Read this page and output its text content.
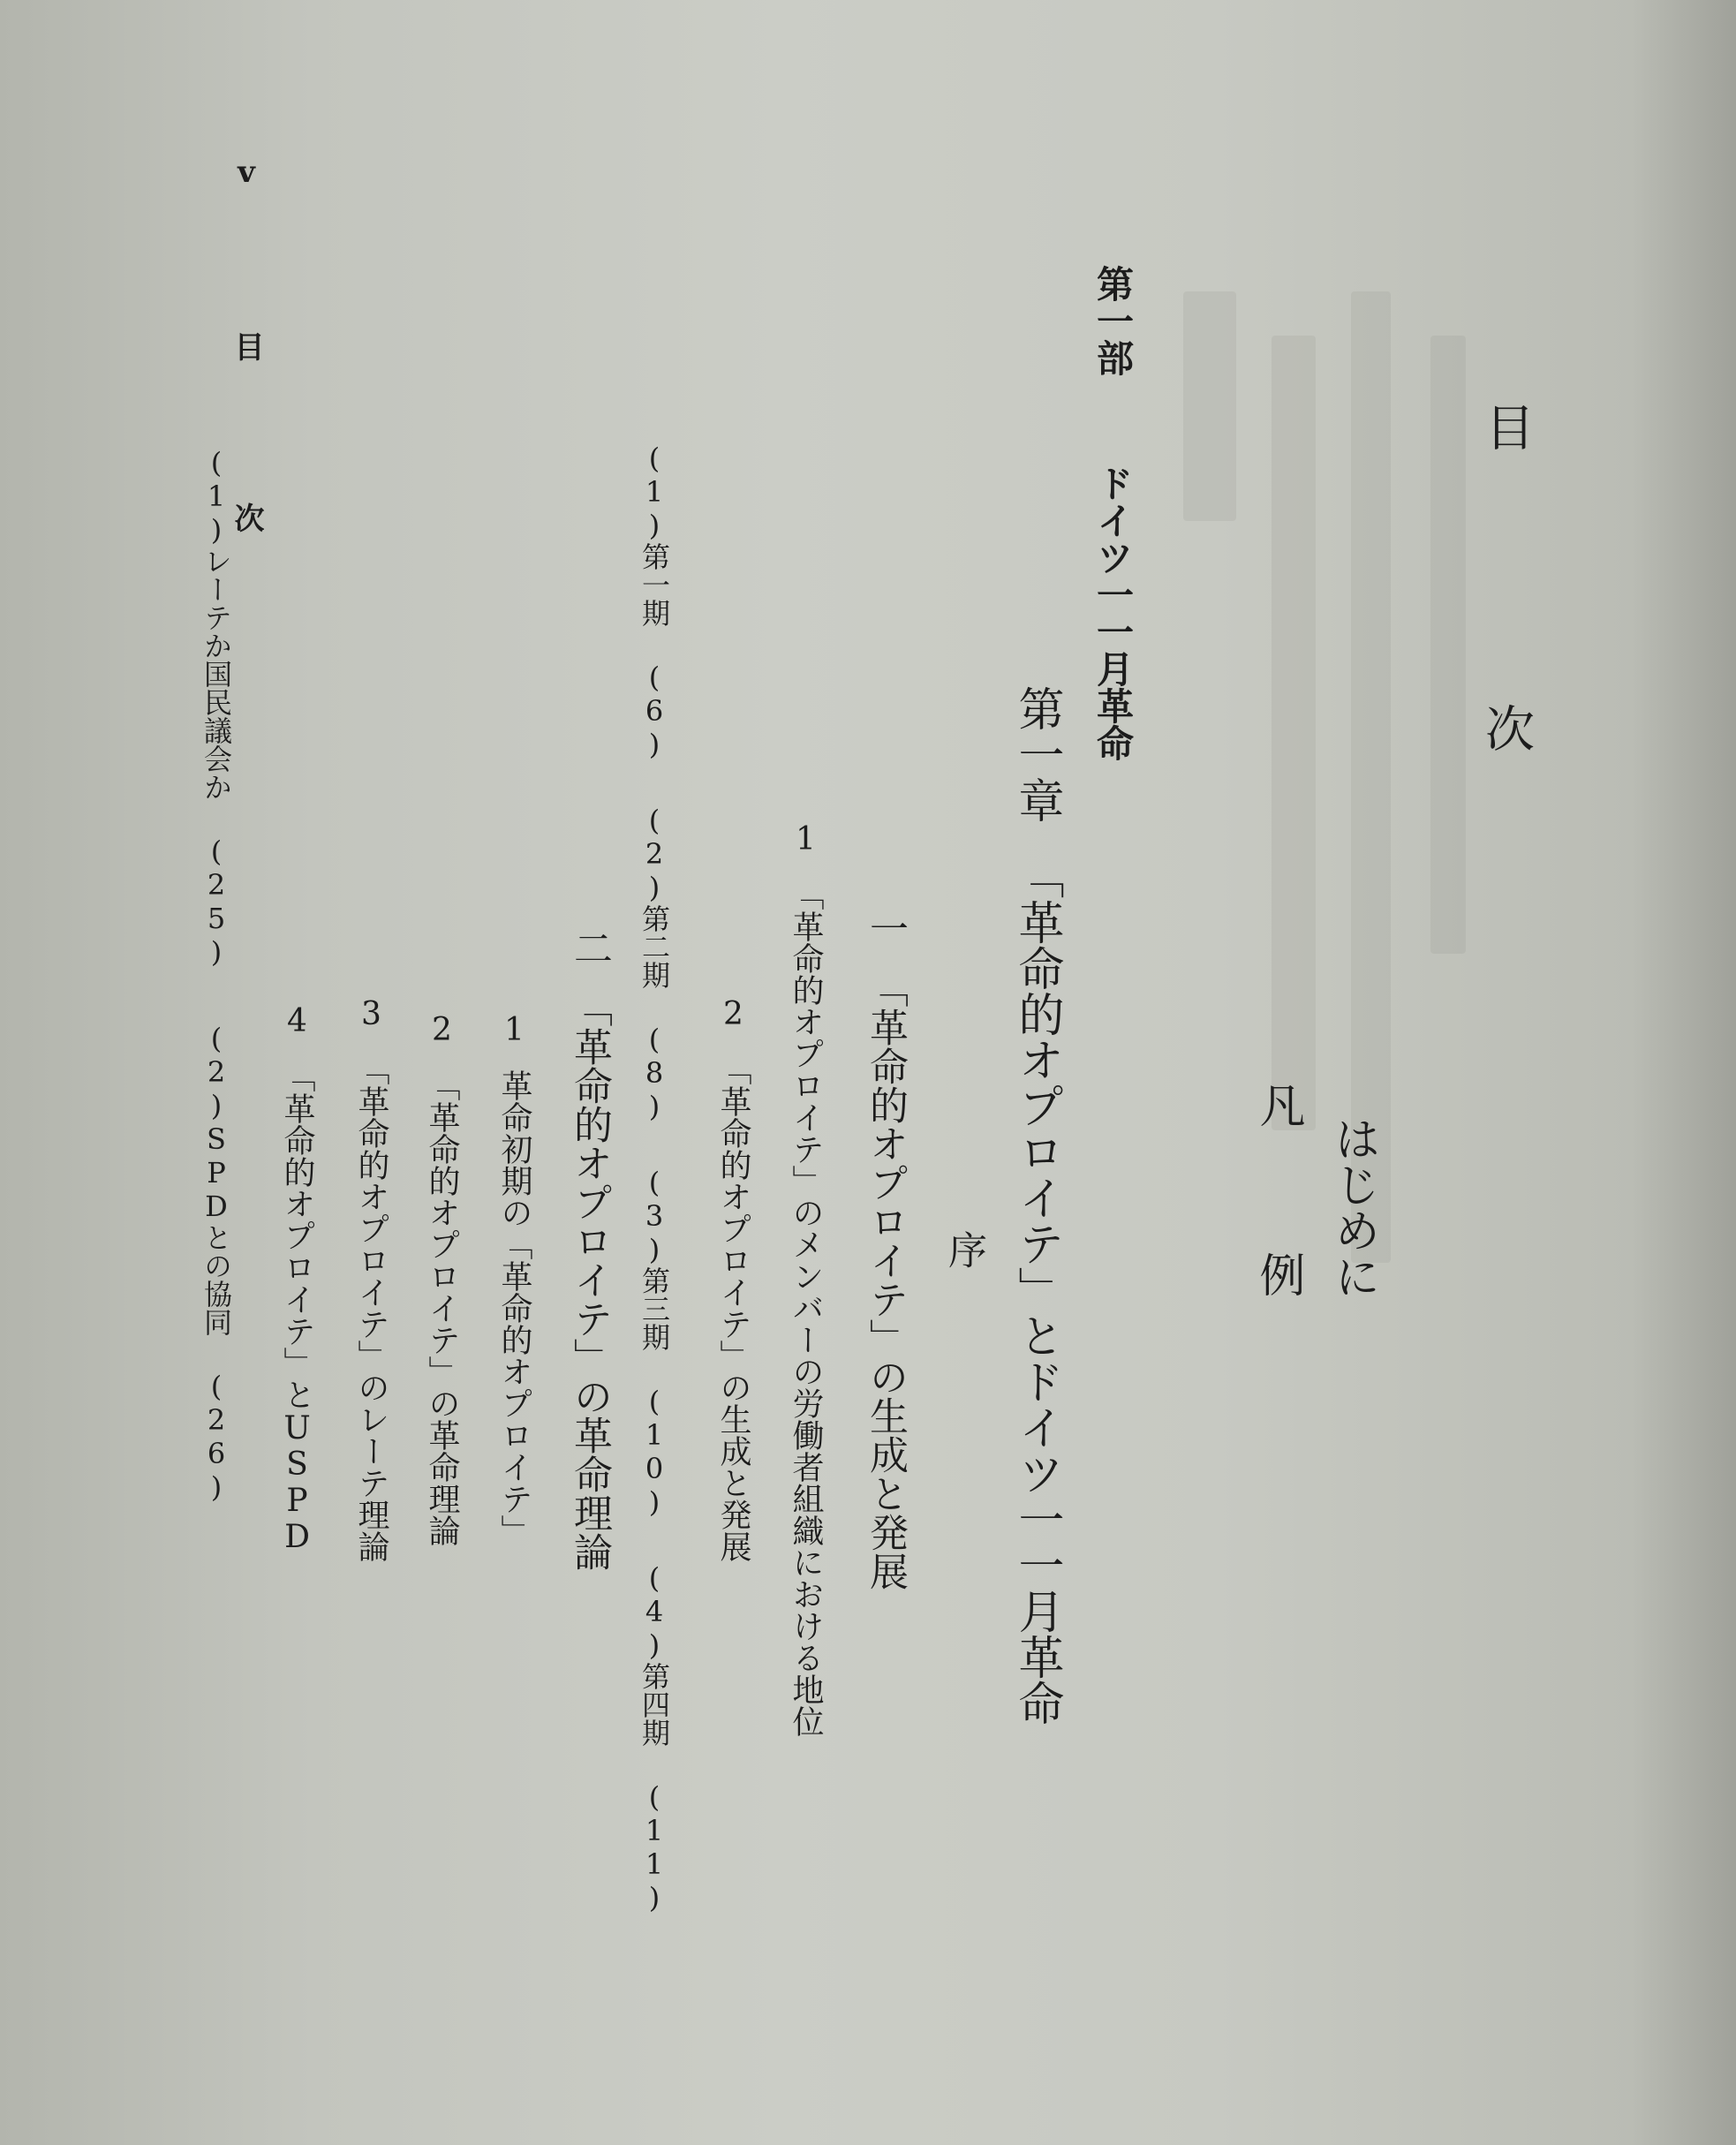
v 目 次
目 次
はじめに
凡 例
第一部ドイツ一一月革命
第一章「革命的オプロイテ」とドイツ一一月革命
序
一「革命的オプロイテ」の生成と発展
1「革命的オプロイテ」のメンバーの労働者組織における地位
2「革命的オプロイテ」の生成と発展
(1)第一期 (6)(2)第二期 (8)(3)第三期 (10)(4)第四期 (11)
二「革命的オプロイテ」の革命理論
1革命初期の「革命的オプロイテ」
2「革命的オプロイテ」の革命理論
3「革命的オプロイテ」のレーテ理論
4「革命的オプロイテ」とUSPD
(1)レーテか国民議会か (25)(2)SPDとの協同 (26)
